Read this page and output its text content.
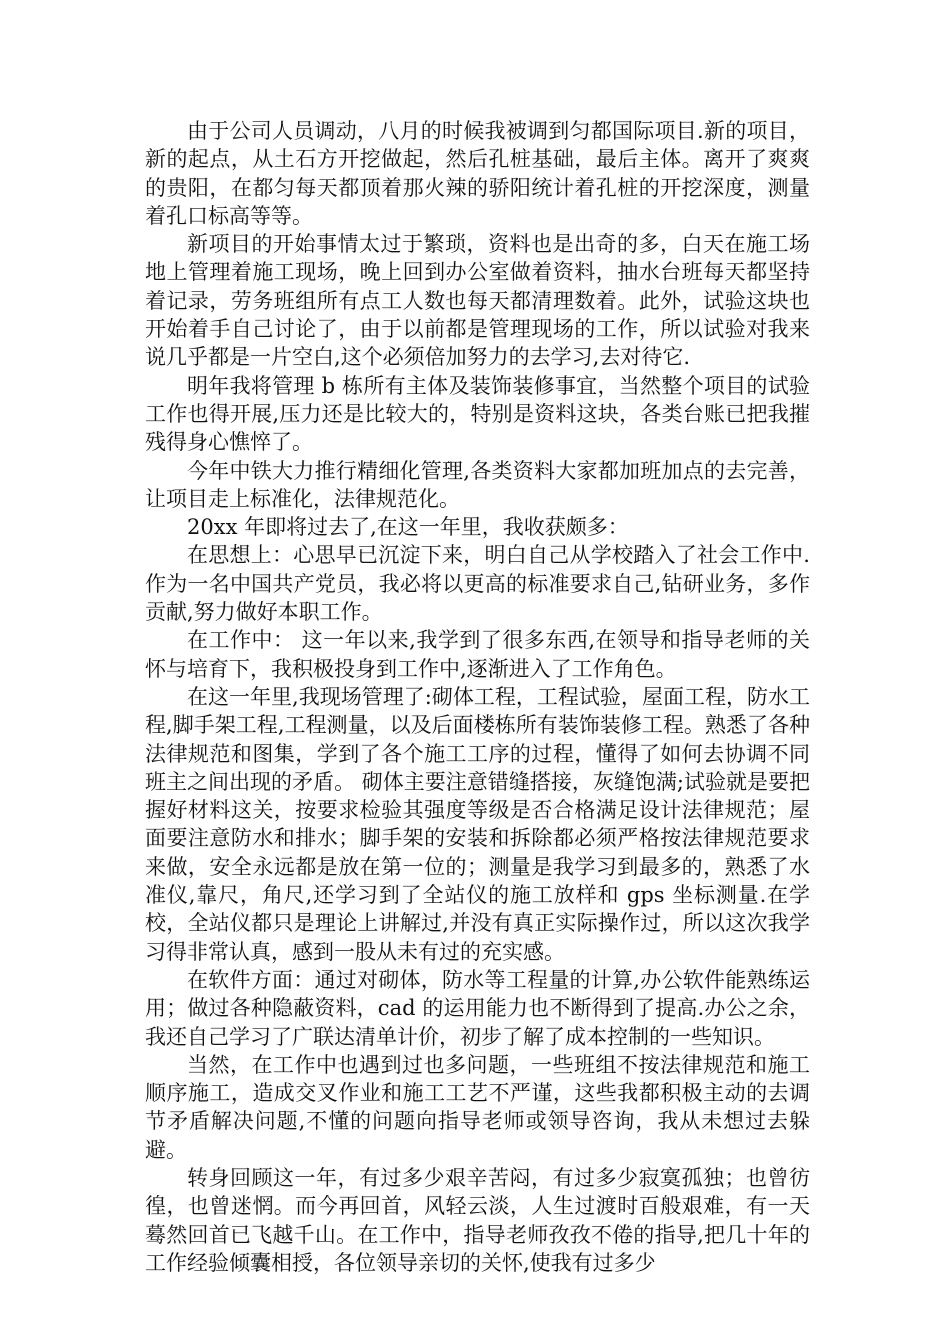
由于公司人员调动，八月的时候我被调到匀都国际项目.新的项目，新的起点，从土石方开挖做起，然后孔桩基础，最后主体。离开了爽爽的贵阳，在都匀每天都顶着那火辣的骄阳统计着孔桩的开挖深度，测量着孔口标高等等。

新项目的开始事情太过于繁琐，资料也是出奇的多，白天在施工场地上管理着施工现场，晚上回到办公室做着资料，抽水台班每天都坚持着记录，劳务班组所有点工人数也每天都清理数着。此外，试验这块也开始着手自己讨论了，由于以前都是管理现场的工作，所以试验对我来说几乎都是一片空白,这个必须倍加努力的去学习,去对待它.

明年我将管理 b 栋所有主体及装饰装修事宜，当然整个项目的试验工作也得开展,压力还是比较大的，特别是资料这块，各类台账已把我摧残得身心憔悴了。

今年中铁大力推行精细化管理,各类资料大家都加班加点的去完善，让项目走上标准化，法律规范化。

20xx 年即将过去了,在这一年里，我收获颇多：

在思想上：心思早已沉淀下来，明白自己从学校踏入了社会工作中.作为一名中国共产党员，我必将以更高的标准要求自己,钻研业务，多作贡献,努力做好本职工作。

在工作中： 这一年以来,我学到了很多东西,在领导和指导老师的关怀与培育下，我积极投身到工作中,逐渐进入了工作角色。

在这一年里,我现场管理了:砌体工程，工程试验，屋面工程，防水工程,脚手架工程,工程测量，以及后面楼栋所有装饰装修工程。熟悉了各种法律规范和图集，学到了各个施工工序的过程，懂得了如何去协调不同班主之间出现的矛盾。 砌体主要注意错缝搭接，灰缝饱满;试验就是要把握好材料这关，按要求检验其强度等级是否合格满足设计法律规范；屋面要注意防水和排水；脚手架的安装和拆除都必须严格按法律规范要求来做，安全永远都是放在第一位的；测量是我学习到最多的，熟悉了水准仪,靠尺，角尺,还学习到了全站仪的施工放样和 gps 坐标测量.在学校，全站仪都只是理论上讲解过,并没有真正实际操作过，所以这次我学习得非常认真，感到一股从未有过的充实感。

在软件方面：通过对砌体，防水等工程量的计算,办公软件能熟练运用；做过各种隐蔽资料，cad 的运用能力也不断得到了提高.办公之余，我还自己学习了广联达清单计价，初步了解了成本控制的一些知识。

当然，在工作中也遇到过也多问题，一些班组不按法律规范和施工顺序施工，造成交叉作业和施工工艺不严谨，这些我都积极主动的去调节矛盾解决问题,不懂的问题向指导老师或领导咨询，我从未想过去躲避。

转身回顾这一年，有过多少艰辛苦闷，有过多少寂寞孤独；也曾彷徨，也曾迷惘。而今再回首，风轻云淡，人生过渡时百般艰难，有一天蓦然回首已飞越千山。在工作中，指导老师孜孜不倦的指导,把几十年的工作经验倾囊相授，各位领导亲切的关怀,使我有过多少
